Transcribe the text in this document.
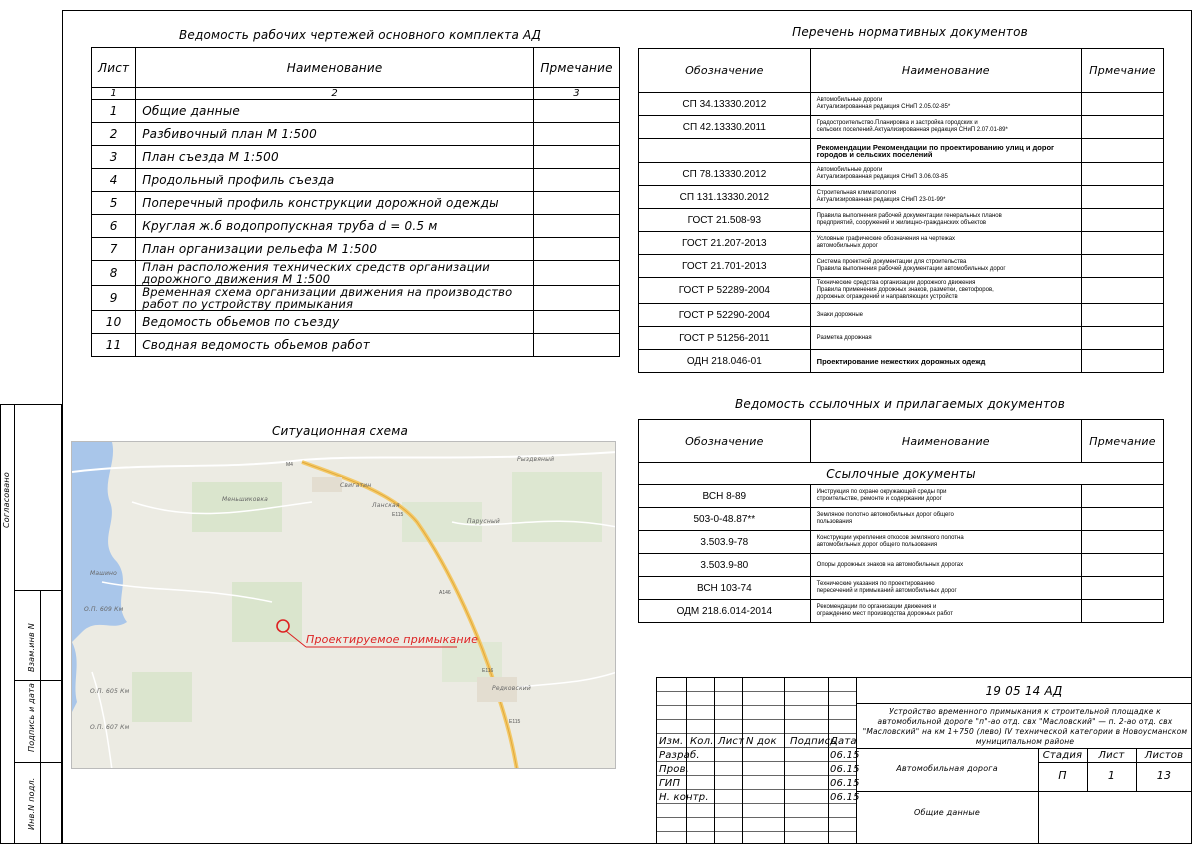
Согласовано
Взам.инв N
Подпись и дата
Инв.N подл.
Ведомость рабочих чертежей основного комплекта АД
Лист	Наименование	Пpмечание
1	2	3
1	Общие данные	
2	Разбивочный план М 1:500	
3	План съезда М 1:500	
4	Продольный профиль съезда	
5	Поперечный профиль конструкции дорожной одежды	
6	Круглая ж.б водопропускная труба d = 0.5 м	
7	План организации рельефа М 1:500	
8	План расположения технических средств организации дорожного движения М 1:500	
9	Временная схема организации движения на производство работ по устройству примыкания	
10	Ведомость обьемов по съезду	
11	Сводная ведомость обьемов работ	
Перечень нормативных документов
Обозначение	Наименование	Пpмечание
СП 34.13330.2012	Автомобильные дороги
Актуализированная редакция СНиП 2.05.02-85*	
СП 42.13330.2011	Градостроительство.Планировка и застройка городских и
сельских поселений.Актуализированная редакция СНиП 2.07.01-89*	
	Рекомендации Рекомендации по проектированию улиц и дорог
городов и сельских поселений	
СП 78.13330.2012	Автомобильные дороги
Актуализированная редакция СНиП 3.06.03-85	
СП 131.13330.2012	Строительная климатология
Актуализированная редакция СНиП 23-01-99*	
ГОСТ 21.508-93	Правила выполнения рабочей документации генеральных планов
предприятий, сооружений и жилищно-гражданских объектов	
ГОСТ 21.207-2013	Условные графические обозначения на чертежах
автомобильных дорог	
ГОСТ 21.701-2013	Система проектной документации для строительства
Правила выполнения рабочей документации автомобильных дорог	
ГОСТ Р 52289-2004	Технические средства организации дорожного движения
Правила применения дорожных знаков, разметки, светофоров,
дорожных ограждений и направляющих устройств	
ГОСТ Р 52290-2004	Знаки дорожные	
ГОСТ Р 51256-2011	Разметка дорожная	
ОДН 218.046-01	Проектирование нежестких дорожных одежд	
Ведомость ссылочных и прилагаемых документов
Обозначение	Наименование	Пpмечание
Ссылочные документы		
ВСН 8-89	Инструкция по охране окружающей среды при
строительстве, ремонте и содержании дорог	
503-0-48.87**	Земляное полотно автомобильных дорог общего
пользования	
3.503.9-78	Конструкции укрепления откосов земляного полотна
автомобильных дорог общего пользования	
3.503.9-80	Опоры дорожных знаков на автомобильных дорогах	
ВСН 103-74	Технические указания по проектированию
пересечений и примыканий автомобильных дорог	
ОДМ 218.6.014-2014	Рекомендации по организации движения и
ограждению мест производства дорожных работ	
Ситуационная схема
Рыздвяный
Меньшиковка
Свигатин
Ланская
Парусный
Машино
О.П. 609 Км
Редковский
О.П. 605 Км
О.П. 607 Км
М4
Е115
А146
Е116
Е115
Проектируемое примыкание
Изм. Кол. Лист N док Подпись
Дата
Разраб.	06.15
Пров.	06.15
ГИП	06.15
Н. контр.	06.15
19 05 14 АД
Устройство временного примыкания к строительной площадке к автомобильной дороге "п"-ао отд. свх "Масловский" — п. 2-ао отд. свх "Масловский" на км 1+750 (лево) IV технической категории в Новоусманском муниципальном районе
Автомобильная дорога
Стадия	Лист	Листов
П	1	13
Общие данные
